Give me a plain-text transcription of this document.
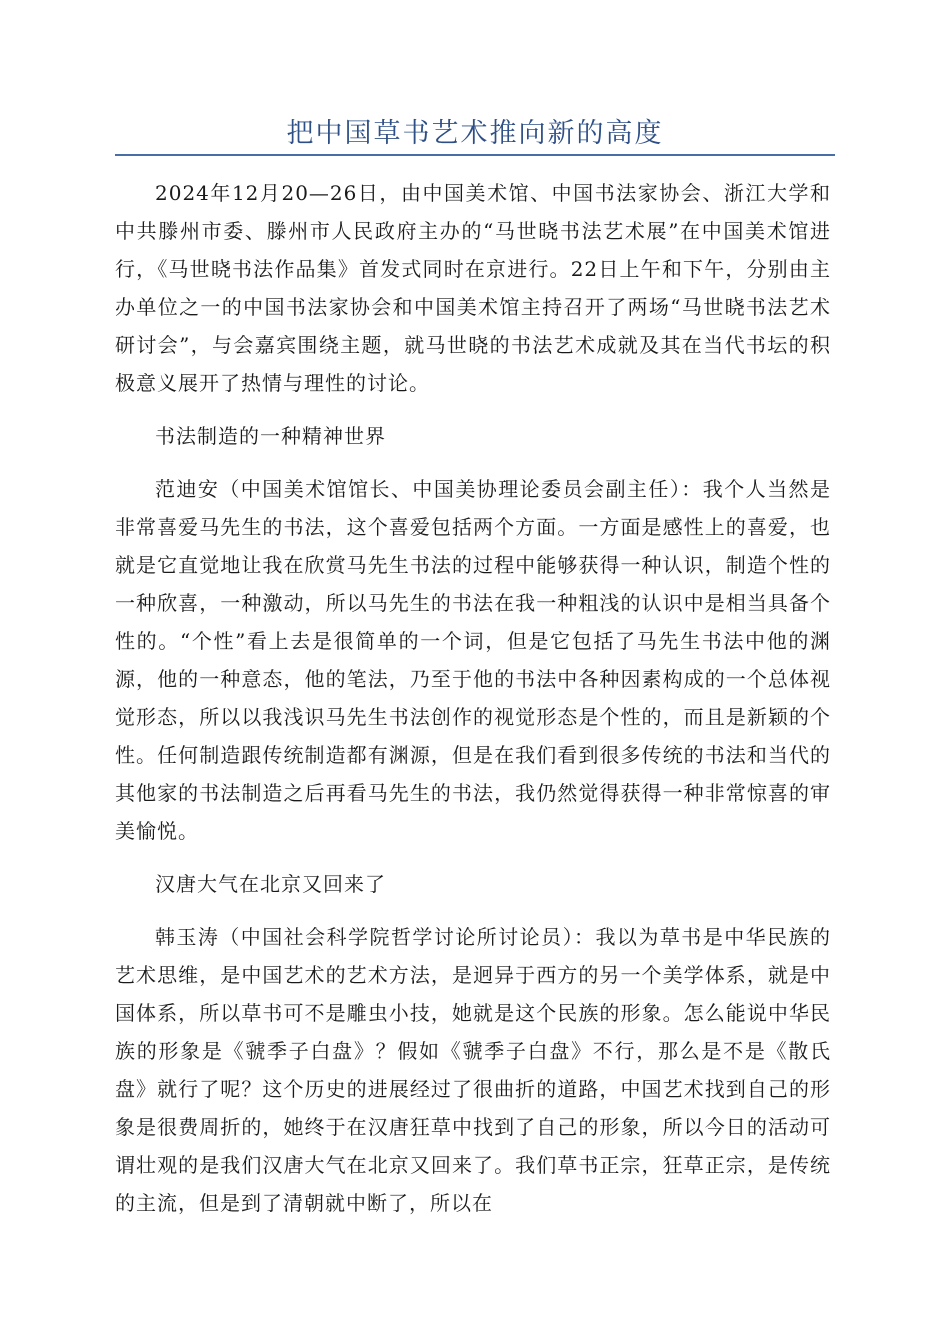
把中国草书艺术推向新的高度

2024年12月20—26日，由中国美术馆、中国书法家协会、浙江大学和中共滕州市委、滕州市人民政府主办的“马世晓书法艺术展”在中国美术馆进行，《马世晓书法作品集》首发式同时在京进行。22日上午和下午，分别由主办单位之一的中国书法家协会和中国美术馆主持召开了两场“马世晓书法艺术研讨会”，与会嘉宾围绕主题，就马世晓的书法艺术成就及其在当代书坛的积极意义展开了热情与理性的讨论。

书法制造的一种精神世界

范迪安（中国美术馆馆长、中国美协理论委员会副主任）：我个人当然是非常喜爱马先生的书法，这个喜爱包括两个方面。一方面是感性上的喜爱，也就是它直觉地让我在欣赏马先生书法的过程中能够获得一种认识，制造个性的一种欣喜，一种激动，所以马先生的书法在我一种粗浅的认识中是相当具备个性的。“个性”看上去是很简单的一个词，但是它包括了马先生书法中他的渊源，他的一种意态，他的笔法，乃至于他的书法中各种因素构成的一个总体视觉形态，所以以我浅识马先生书法创作的视觉形态是个性的，而且是新颖的个性。任何制造跟传统制造都有渊源，但是在我们看到很多传统的书法和当代的其他家的书法制造之后再看马先生的书法，我仍然觉得获得一种非常惊喜的审美愉悦。

汉唐大气在北京又回来了

韩玉涛（中国社会科学院哲学讨论所讨论员）：我以为草书是中华民族的艺术思维，是中国艺术的艺术方法，是迥异于西方的另一个美学体系，就是中国体系，所以草书可不是雕虫小技，她就是这个民族的形象。怎么能说中华民族的形象是《虢季子白盘》？假如《虢季子白盘》不行，那么是不是《散氏盘》就行了呢？这个历史的进展经过了很曲折的道路，中国艺术找到自己的形象是很费周折的，她终于在汉唐狂草中找到了自己的形象，所以今日的活动可谓壮观的是我们汉唐大气在北京又回来了。我们草书正宗，狂草正宗，是传统的主流，但是到了清朝就中断了，所以在
